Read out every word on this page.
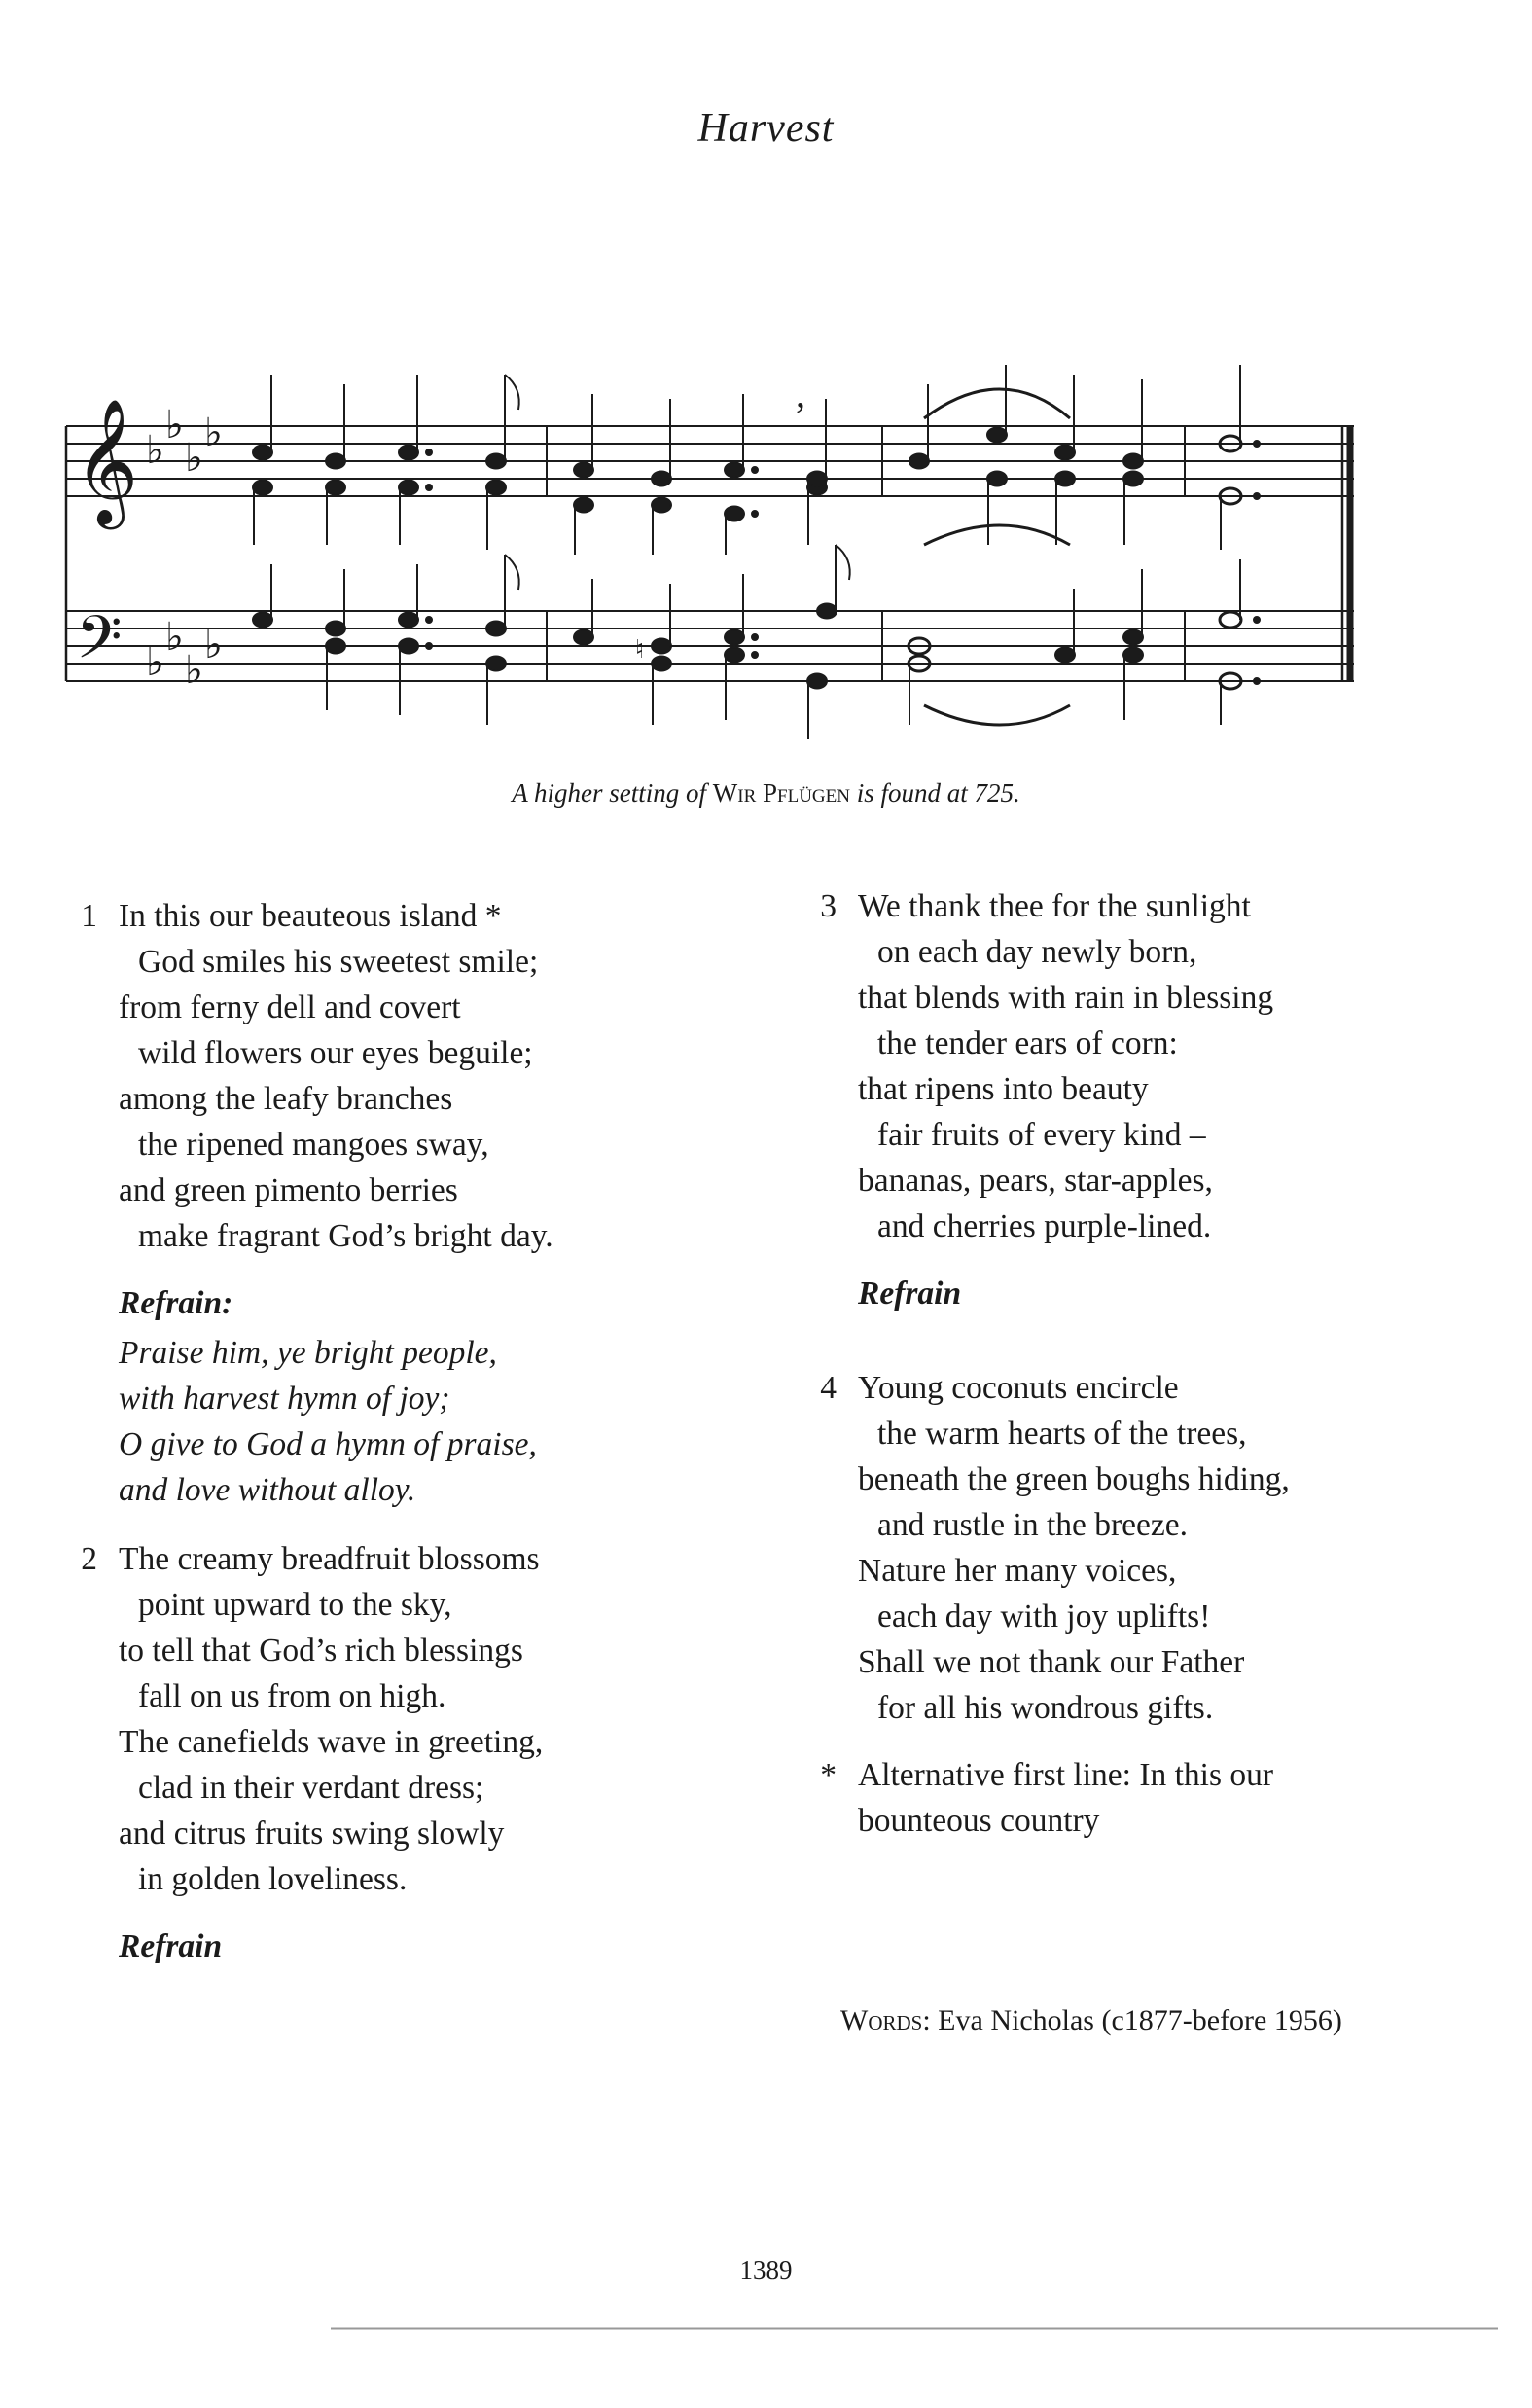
Harvest
𝄞
𝄢
♭
♭
♭
♭
♭
♭
♭
♭
,
♮
A higher setting of Wir Pflügen is found at 725.
1 In this our beauteous island *
God smiles his sweetest smile;
from ferny dell and covert
wild flowers our eyes beguile;
among the leafy branches
the ripened mangoes sway,
and green pimento berries
make fragrant God’s bright day.
Refrain:
Praise him, ye bright people,
with harvest hymn of joy;
O give to God a hymn of praise,
and love without alloy.
2 The creamy breadfruit blossoms
point upward to the sky,
to tell that God’s rich blessings
fall on us from on high.
The canefields wave in greeting,
clad in their verdant dress;
and citrus fruits swing slowly
in golden loveliness.
Refrain
3 We thank thee for the sunlight
on each day newly born,
that blends with rain in blessing
the tender ears of corn:
that ripens into beauty
fair fruits of every kind –
bananas, pears, star-apples,
and cherries purple-lined.
Refrain
4 Young coconuts encircle
the warm hearts of the trees,
beneath the green boughs hiding,
and rustle in the breeze.
Nature her many voices,
each day with joy uplifts!
Shall we not thank our Father
for all his wondrous gifts.
* Alternative first line: In this our
bounteous country
Words: Eva Nicholas (c1877-before 1956)
1389
